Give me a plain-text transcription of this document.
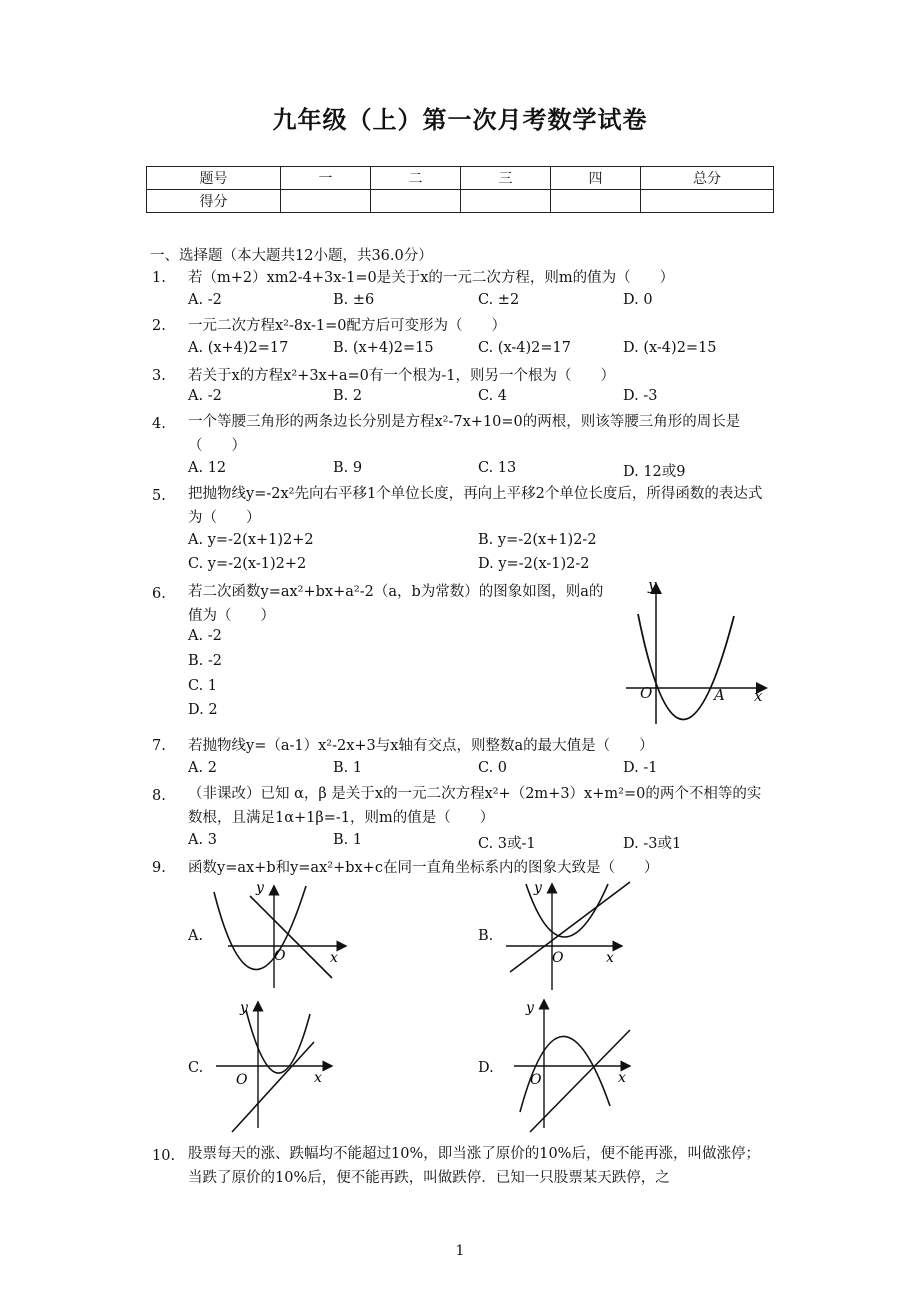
九年级（上）第一次月考数学试卷
题号	一	二	三	四	总分
得分					
一、选择题（本大题共12小题，共36.0分）
1.	若（m+2）xm2-4+3x-1=0是关于x的一元二次方程，则m的值为（　　）
A. -2	B. ±6	C. ±2	D. 0
2.	一元二次方程x²-8x-1=0配方后可变形为（　　）
A. (x+4)2=17	B. (x+4)2=15	C. (x-4)2=17	D. (x-4)2=15
3.	若关于x的方程x²+3x+a=0有一个根为-1，则另一个根为（　　）
A. -2	B. 2	C. 4	D. -3
4.	一个等腰三角形的两条边长分别是方程x²-7x+10=0的两根，则该等腰三角形的周长是（　　）
A. 12	B. 9	C. 13	D. 12或9
5.	把抛物线y=-2x²先向右平移1个单位长度，再向上平移2个单位长度后，所得函数的表达式为（　　）
A. y=-2(x+1)2+2	B. y=-2(x+1)2-2
C. y=-2(x-1)2+2	D. y=-2(x-1)2-2
6.	若二次函数y=ax²+bx+a²-2（a，b为常数）的图象如图，则a的值为（　　）
A. -2
B. -2
C. 1
D. 2
y
x
O	A
7.	若抛物线y=（a-1）x²-2x+3与x轴有交点，则整数a的最大值是（　　）
A. 2	B. 1	C. 0	D. -1
8.	（非课改）已知 α，β 是关于x的一元二次方程x²+（2m+3）x+m²=0的两个不相等的实数根，且满足1α+1β=-1，则m的值是（　　）
A. 3	B. 1	C. 3或-1	D. -3或1
9.	函数y=ax+b和y=ax²+bx+c在同一直角坐标系内的图象大致是（　　）
A.
O	x
y
B.
O	x
y
C.
O	x
y
D.
O	x
y
10. 股票每天的涨、跌幅均不能超过10%，即当涨了原价的10%后，便不能再涨，叫做涨停；当跌了原价的10%后，便不能再跌，叫做跌停．已知一只股票某天跌停，之
1
